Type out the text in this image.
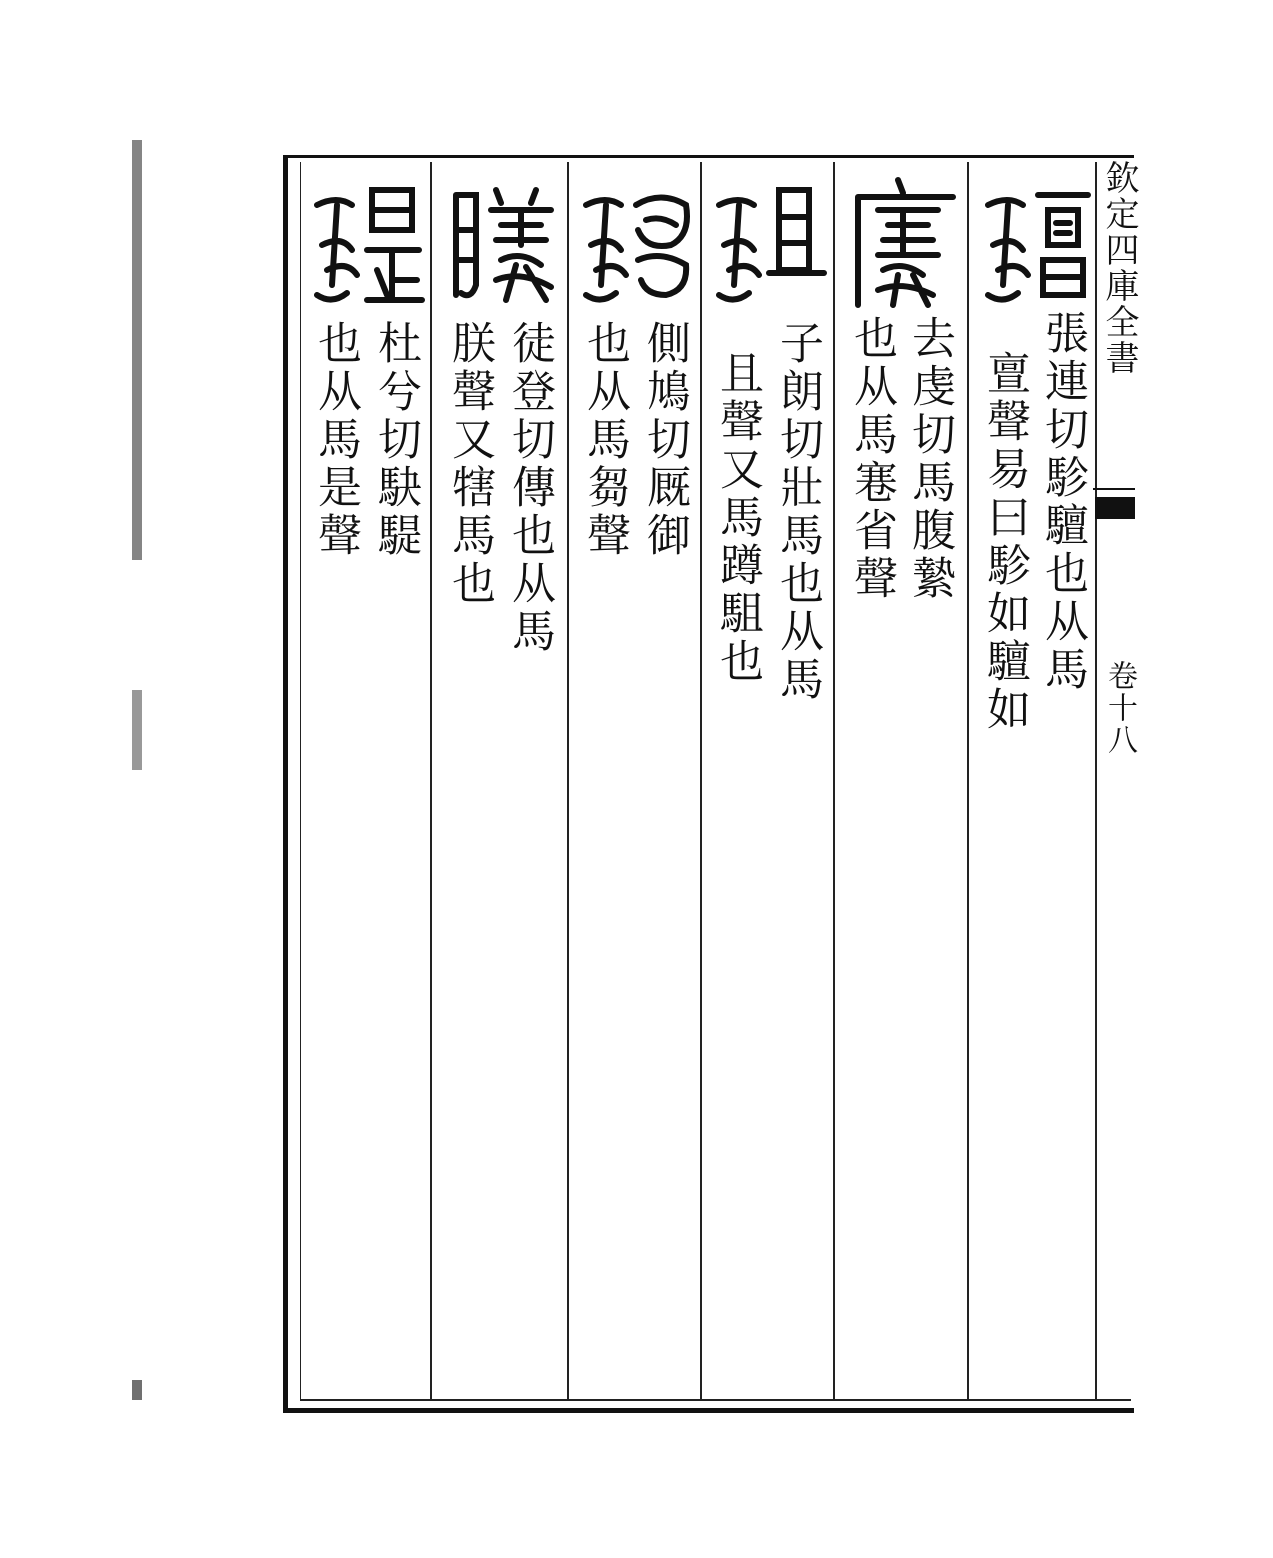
欽定四庫全書
卷十八
張連切駗驙也从馬
亶聲易曰駗如驙如
去虔切馬腹縶
也从馬寋省聲
子朗切壯馬也从馬
且聲又馬蹲駔也
側鳩切厩御
也从馬芻聲
徒登切傳也从馬
朕聲又犗馬也
杜兮切駃騠
也从馬是聲
